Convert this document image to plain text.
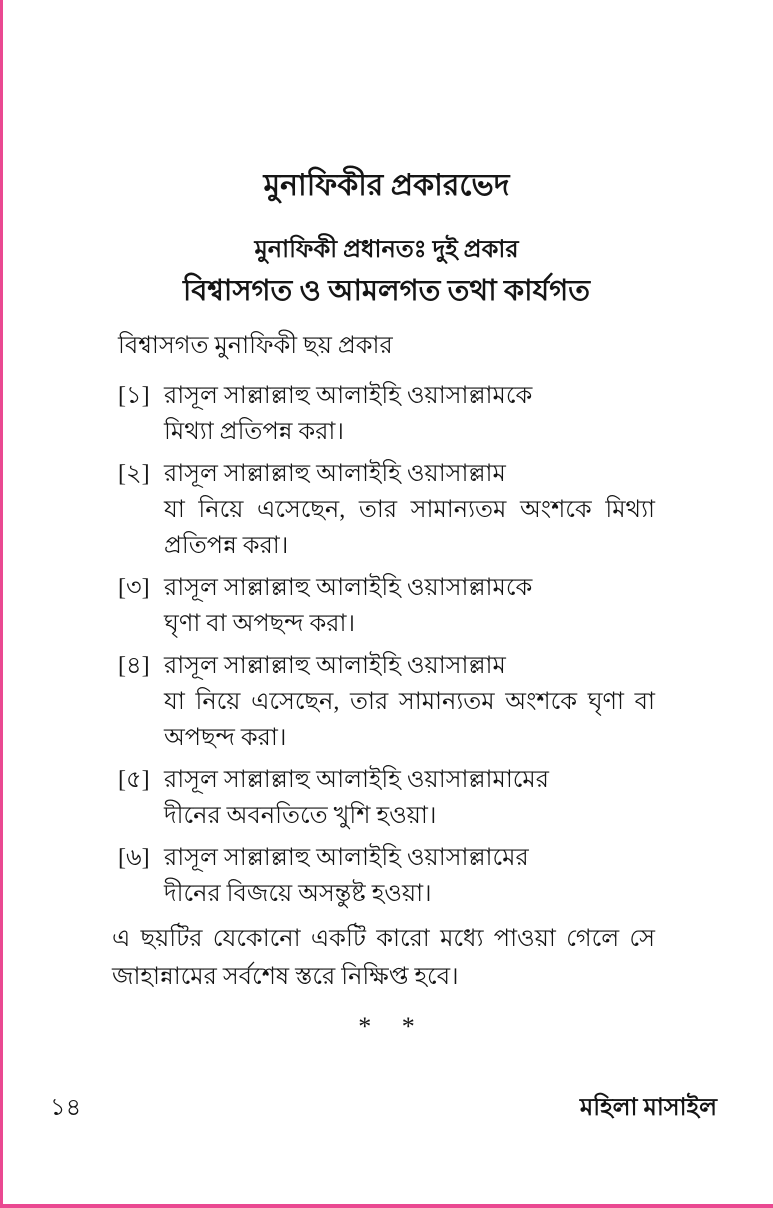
মুনাফিকীর প্রকারভেদ
মুনাফিকী প্রধানতঃ দুই প্রকার
বিশ্বাসগত ও আমলগত তথা কার্যগত
বিশ্বাসগত মুনাফিকী ছয় প্রকার
[১] রাসূল সাল্লাল্লাহু আলাইহি ওয়াসাল্লামকে
মিথ্যা প্রতিপন্ন করা।
[২] রাসূল সাল্লাল্লাহু আলাইহি ওয়াসাল্লাম
যা নিয়ে এসেছেন, তার সামান্যতম অংশকে মিথ্যা
প্রতিপন্ন করা।
[৩] রাসূল সাল্লাল্লাহু আলাইহি ওয়াসাল্লামকে
ঘৃণা বা অপছন্দ করা।
[৪] রাসূল সাল্লাল্লাহু আলাইহি ওয়াসাল্লাম
যা নিয়ে এসেছেন, তার সামান্যতম অংশকে ঘৃণা বা
অপছন্দ করা।
[৫] রাসূল সাল্লাল্লাহু আলাইহি ওয়াসাল্লামামের
দীনের অবনতিতে খুশি হওয়া।
[৬] রাসূল সাল্লাল্লাহু আলাইহি ওয়াসাল্লামের
দীনের বিজয়ে অসন্তুষ্ট হওয়া।
এ ছয়টির যেকোনো একটি কারো মধ্যে পাওয়া গেলে সে
জাহান্নামের সর্বশেষ স্তরে নিক্ষিপ্ত হবে।
* *
১৪	মহিলা মাসাইল
